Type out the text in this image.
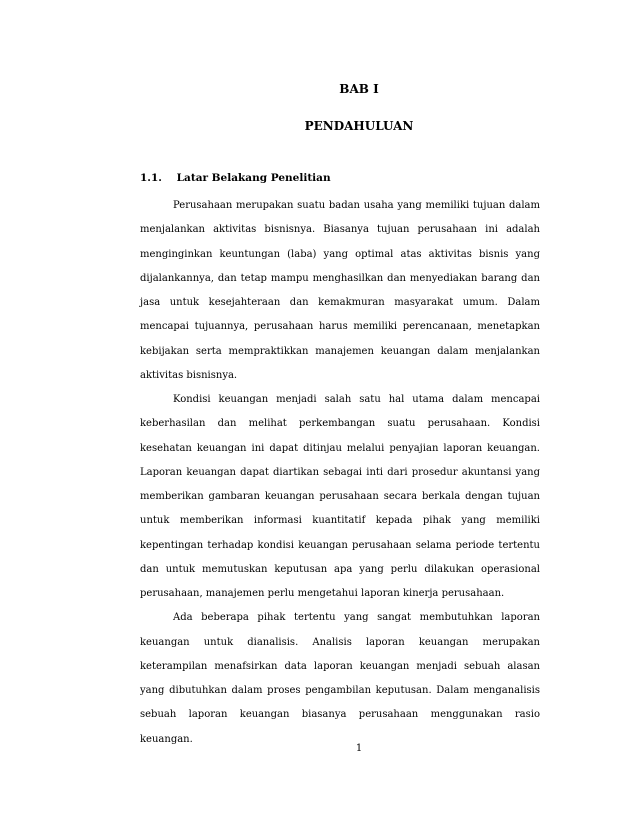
BAB I
PENDAHULUAN
1.1. Latar Belakang Penelitian

Perusahaan merupakan suatu badan usaha yang memiliki tujuan dalam menjalankan aktivitas bisnisnya. Biasanya tujuan perusahaan ini adalah menginginkan keuntungan (laba) yang optimal atas aktivitas bisnis yang dijalankannya, dan tetap mampu menghasilkan dan menyediakan barang dan jasa untuk kesejahteraan dan kemakmuran masyarakat umum. Dalam mencapai tujuannya, perusahaan harus memiliki perencanaan, menetapkan kebijakan serta mempraktikkan manajemen keuangan dalam menjalankan aktivitas bisnisnya.

Kondisi keuangan menjadi salah satu hal utama dalam mencapai keberhasilan dan melihat perkembangan suatu perusahaan. Kondisi kesehatan keuangan ini dapat ditinjau melalui penyajian laporan keuangan. Laporan keuangan dapat diartikan sebagai inti dari prosedur akuntansi yang memberikan gambaran keuangan perusahaan secara berkala dengan tujuan untuk memberikan informasi kuantitatif kepada pihak yang memiliki kepentingan terhadap kondisi keuangan perusahaan selama periode tertentu dan untuk memutuskan keputusan apa yang perlu dilakukan operasional perusahaan, manajemen perlu mengetahui laporan kinerja perusahaan.

Ada beberapa pihak tertentu yang sangat membutuhkan laporan keuangan untuk dianalisis. Analisis laporan keuangan merupakan keterampilan menafsirkan data laporan keuangan menjadi sebuah alasan yang dibutuhkan dalam proses pengambilan keputusan. Dalam menganalisis sebuah laporan keuangan biasanya perusahaan menggunakan rasio keuangan.

1
